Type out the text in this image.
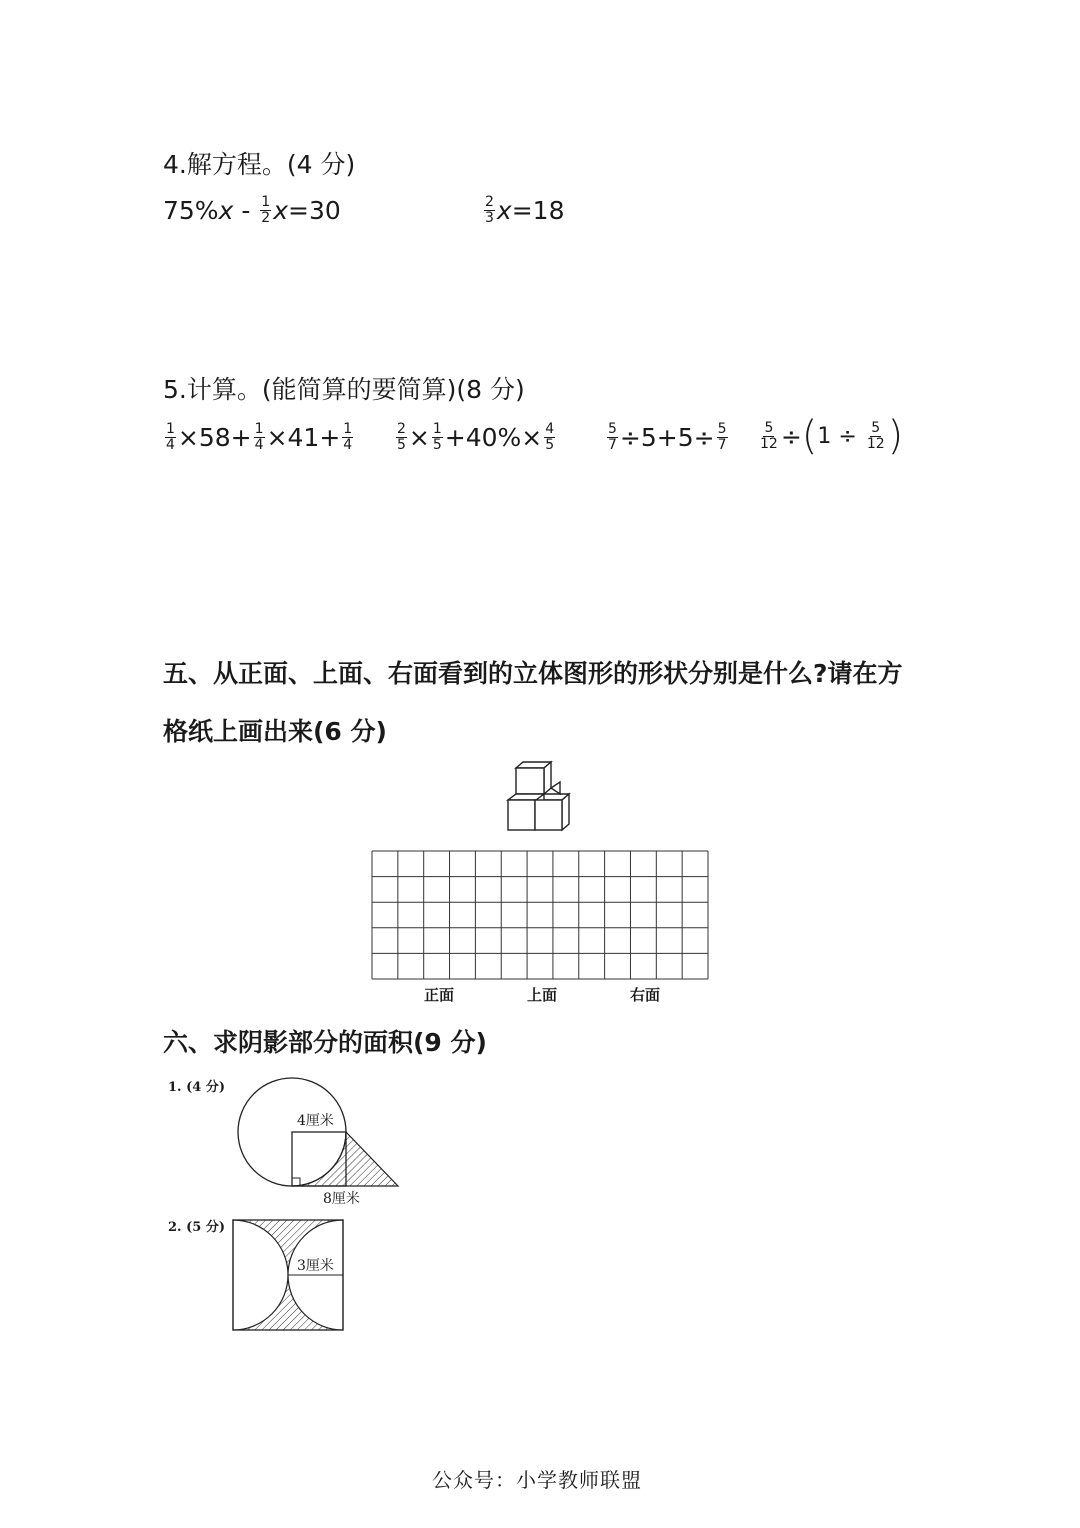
4.解方程。(4 分)
75% x - $\frac{1}{2}$ x =30	$\frac{2}{3}$ x =18
5.计算。(能简算的要简算)(8 分)
$\frac{1}{4} \times 58+ \frac{1}{4} \times 41+ \frac{1}{4}$	$\frac{2}{5} \times \frac{1}{5} +40\%\times \frac{4}{5}$	$\frac{5}{7} \div 5+5\div \frac{5}{7} \frac{5}{12}$ ÷ ( $1 \div \frac{5}{12}$ )
五、从正面、上面、右面看到的立体图形的形状分别是什么?请在方
格纸上画出来(6 分)
正面	上面	右面
六、求阴影部分的面积(9 分)
1. (4 分)
4厘米
8厘米
2. (5 分)
3厘米
公众号：小学教师联盟
